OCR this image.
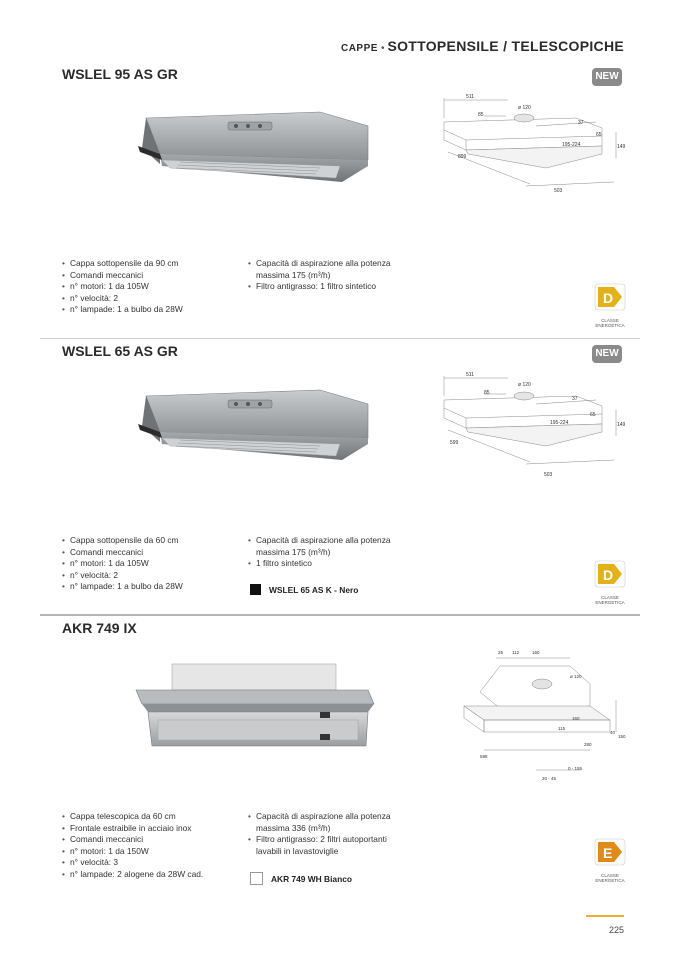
CAPPE • SOTTOPENSILE / TELESCOPICHE
WSLEL 95 AS GR	NEW
511
85
ø 120
37
65
149
195-224
899
503
• Cappa sottopensile da 90 cm
• Comandi meccanici
• n° motori: 1 da 105W
• n° velocità: 2
• n° lampade: 1 a bulbo da 28W
• Capacità di aspirazione alla potenza
massima 175 (m³/h)
• Filtro antigrasso: 1 filtro sintetico
D
CLASSE
ENERGETICA
WSLEL 65 AS GR	NEW
511
85
ø 120
37
65
149
195-224
599
503
• Cappa sottopensile da 60 cm
• Comandi meccanici
• n° motori: 1 da 105W
• n° velocità: 2
• n° lampade: 1 a bulbo da 28W
• Capacità di aspirazione alla potenza
massima 175 (m³/h)
• 1 filtro sintetico
WSLEL 65 AS K - Nero
D
CLASSE
ENERGETICA
AKR 749 IX
25 112	160
ø 120
160
115
40
150
280
598
0 - 155
20 - 45
• Cappa telescopica da 60 cm
• Frontale estraibile in acciaio inox
• Comandi meccanici
• n° motori: 1 da 150W
• n° velocità: 3
• n° lampade: 2 alogene da 28W cad.
• Capacità di aspirazione alla potenza
massima 336 (m³/h)
• Filtro antigrasso: 2 filtri autoportanti
lavabili in lavastoviglie
AKR 749 WH Bianco
E
CLASSE
ENERGETICA
225
